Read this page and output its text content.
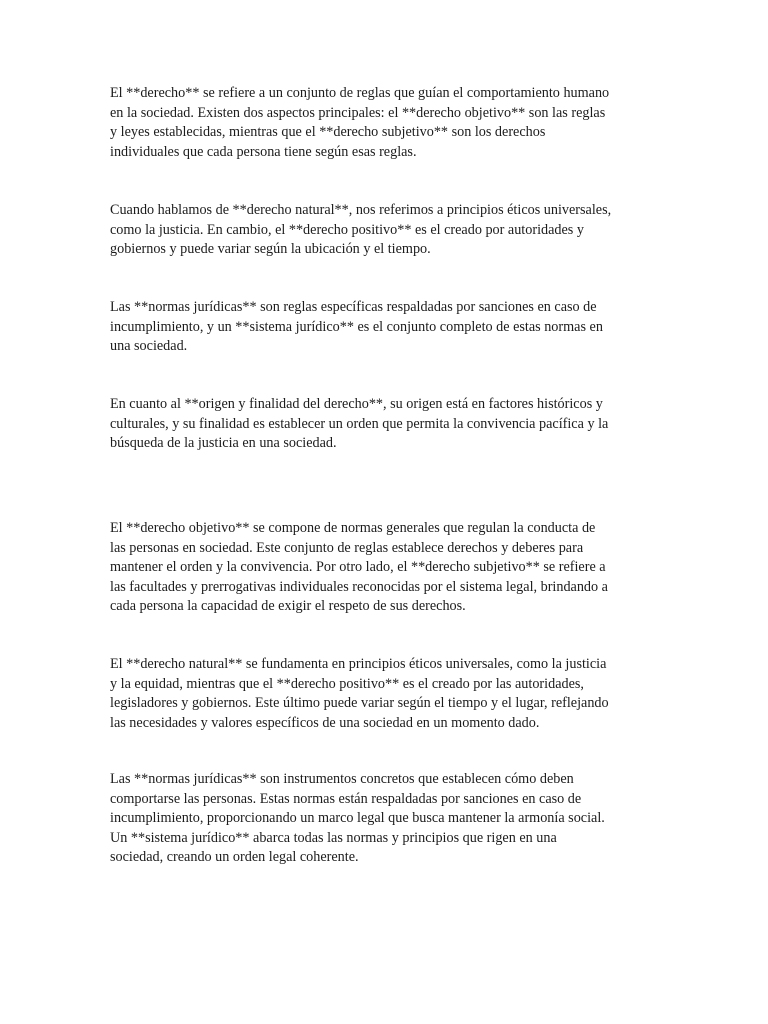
El **derecho** se refiere a un conjunto de reglas que guían el comportamiento humano
en la sociedad. Existen dos aspectos principales: el **derecho objetivo** son las reglas
y leyes establecidas, mientras que el **derecho subjetivo** son los derechos
individuales que cada persona tiene según esas reglas.

Cuando hablamos de **derecho natural**, nos referimos a principios éticos universales,
como la justicia. En cambio, el **derecho positivo** es el creado por autoridades y
gobiernos y puede variar según la ubicación y el tiempo.

Las **normas jurídicas** son reglas específicas respaldadas por sanciones en caso de
incumplimiento, y un **sistema jurídico** es el conjunto completo de estas normas en
una sociedad.

En cuanto al **origen y finalidad del derecho**, su origen está en factores históricos y
culturales, y su finalidad es establecer un orden que permita la convivencia pacífica y la
búsqueda de la justicia en una sociedad.

El **derecho objetivo** se compone de normas generales que regulan la conducta de
las personas en sociedad. Este conjunto de reglas establece derechos y deberes para
mantener el orden y la convivencia. Por otro lado, el **derecho subjetivo** se refiere a
las facultades y prerrogativas individuales reconocidas por el sistema legal, brindando a
cada persona la capacidad de exigir el respeto de sus derechos.

El **derecho natural** se fundamenta en principios éticos universales, como la justicia
y la equidad, mientras que el **derecho positivo** es el creado por las autoridades,
legisladores y gobiernos. Este último puede variar según el tiempo y el lugar, reflejando
las necesidades y valores específicos de una sociedad en un momento dado.

Las **normas jurídicas** son instrumentos concretos que establecen cómo deben
comportarse las personas. Estas normas están respaldadas por sanciones en caso de
incumplimiento, proporcionando un marco legal que busca mantener la armonía social.
Un **sistema jurídico** abarca todas las normas y principios que rigen en una
sociedad, creando un orden legal coherente.
